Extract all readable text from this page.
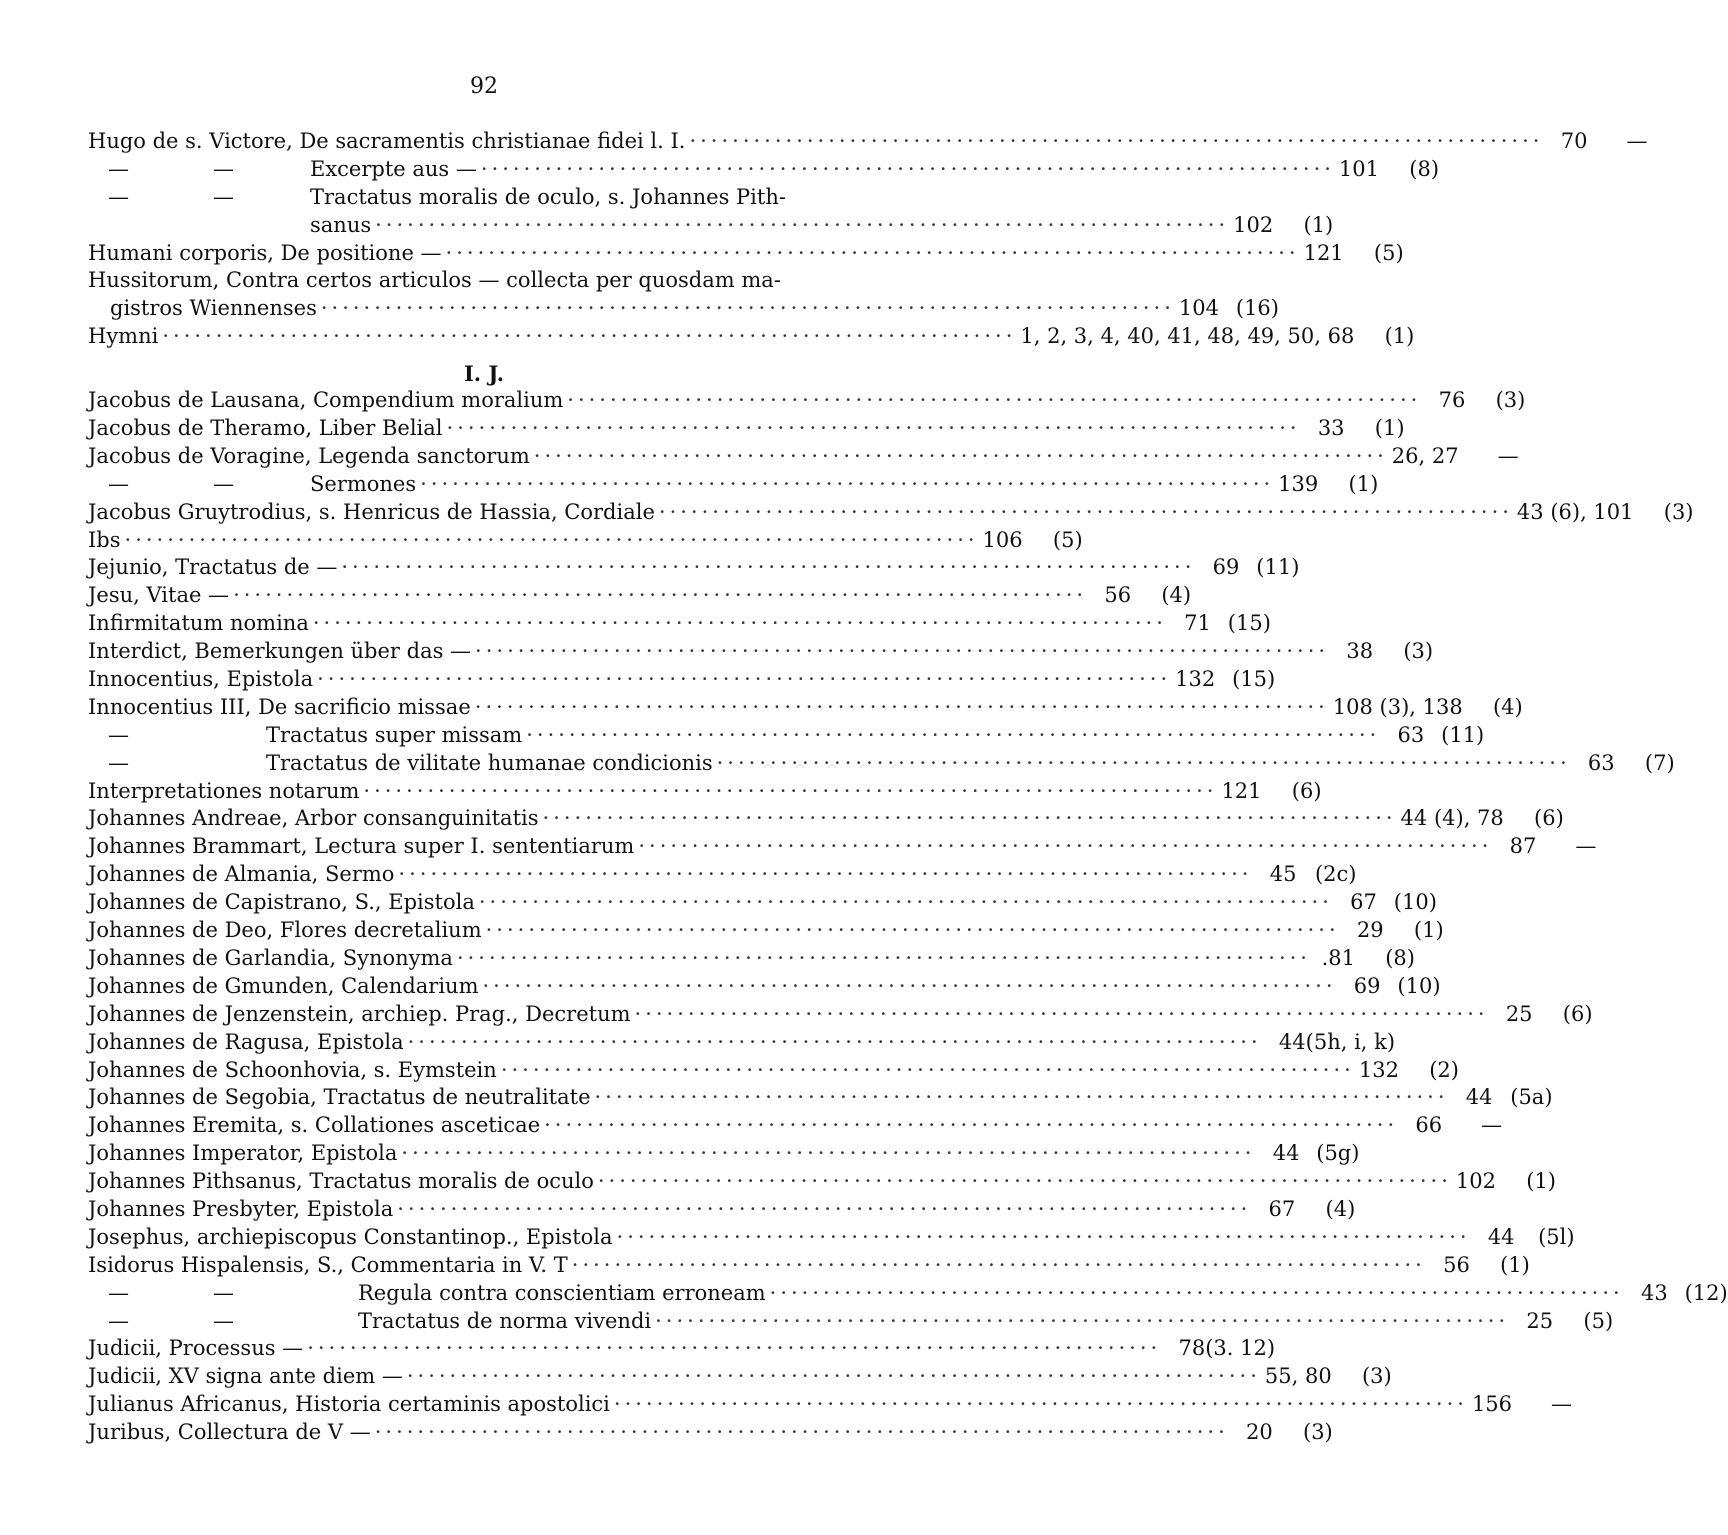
92
Hugo de s. Victore, De sacramentis christianae fidei l. I. ················································································ 70	—
—    —	Excerpte aus — ················································································ 101	(8)
—    —	Tractatus moralis de oculo, s. Johannes Pith-
sanus ················································································ 102	(1)
Humani corporis, De positione — ················································································ 121	(5)
Hussitorum, Contra certos articulos — collecta per quosdam ma-
gistros Wiennenses ················································································ 104 (16)
Hymni ················································································ 1, 2, 3, 4, 40, 41, 48, 49, 50, 68	(1)
I. J.
Jacobus de Lausana, Compendium moralium ················································································ 76	(3)
Jacobus de Theramo, Liber Belial ················································································ 33	(1)
Jacobus de Voragine, Legenda sanctorum ················································································ 26, 27	—
—    —	Sermones ················································································ 139	(1)
Jacobus Gruytrodius, s. Henricus de Hassia, Cordiale ················································································ 43 (6), 101	(3)
Ibs ················································································ 106	(5)
Jejunio, Tractatus de — ················································································ 69 (11)
Jesu, Vitae — ················································································ 56	(4)
Infirmitatum nomina ················································································ 71 (15)
Interdict, Bemerkungen über das — ················································································ 38	(3)
Innocentius, Epistola ················································································ 132 (15)
Innocentius III, De sacrificio missae ················································································ 108 (3), 138	(4)
—	Tractatus super missam ················································································ 63 (11)
—	Tractatus de vilitate humanae condicionis ················································································ 63	(7)
Interpretationes notarum ················································································ 121	(6)
Johannes Andreae, Arbor consanguinitatis ················································································ 44 (4), 78	(6)
Johannes Brammart, Lectura super I. sententiarum ················································································ 87	—
Johannes de Almania, Sermo ················································································ 45 (2c)
Johannes de Capistrano, S., Epistola ················································································ 67 (10)
Johannes de Deo, Flores decretalium ················································································ 29	(1)
Johannes de Garlandia, Synonyma ················································································ .81	(8)
Johannes de Gmunden, Calendarium ················································································ 69 (10)
Johannes de Jenzenstein, archiep. Prag., Decretum ················································································ 25	(6)
Johannes de Ragusa, Epistola ················································································ 44 (5h, i, k)
Johannes de Schoonhovia, s. Eymstein ················································································ 132	(2)
Johannes de Segobia, Tractatus de neutralitate ················································································ 44 (5a)
Johannes Eremita, s. Collationes asceticae ················································································ 66	—
Johannes Imperator, Epistola ················································································ 44 (5g)
Johannes Pithsanus, Tractatus moralis de oculo ················································································ 102	(1)
Johannes Presbyter, Epistola ················································································ 67	(4)
Josephus, archiepiscopus Constantinop., Epistola ················································································ 44	(5l)
Isidorus Hispalensis, S., Commentaria in V. T ················································································ 56	(1)
—    —	Regula contra conscientiam erroneam ················································································ 43 (12)
—    —	Tractatus de norma vivendi ················································································ 25	(5)
Judicii, Processus — ················································································ 78 (3. 12)
Judicii, XV signa ante diem — ················································································ 55, 80	(3)
Julianus Africanus, Historia certaminis apostolici ················································································ 156	—
Juribus, Collectura de V — ················································································ 20	(3)
